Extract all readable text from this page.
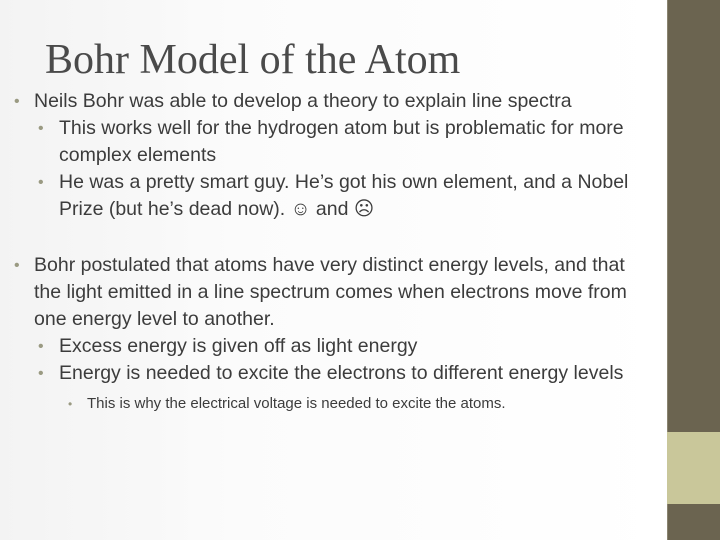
Bohr Model of the Atom
• Neils Bohr was able to develop a theory to explain line spectra
• This works well for the hydrogen atom but is problematic for more complex elements
• He was a pretty smart guy. He’s got his own element, and a Nobel Prize (but he’s dead now). ☺ and ☹
• Bohr postulated that atoms have very distinct energy levels, and that the light emitted in a line spectrum comes when electrons move from one energy level to another.
• Excess energy is given off as light energy
• Energy is needed to excite the electrons to different energy levels
• This is why the electrical voltage is needed to excite the atoms.
